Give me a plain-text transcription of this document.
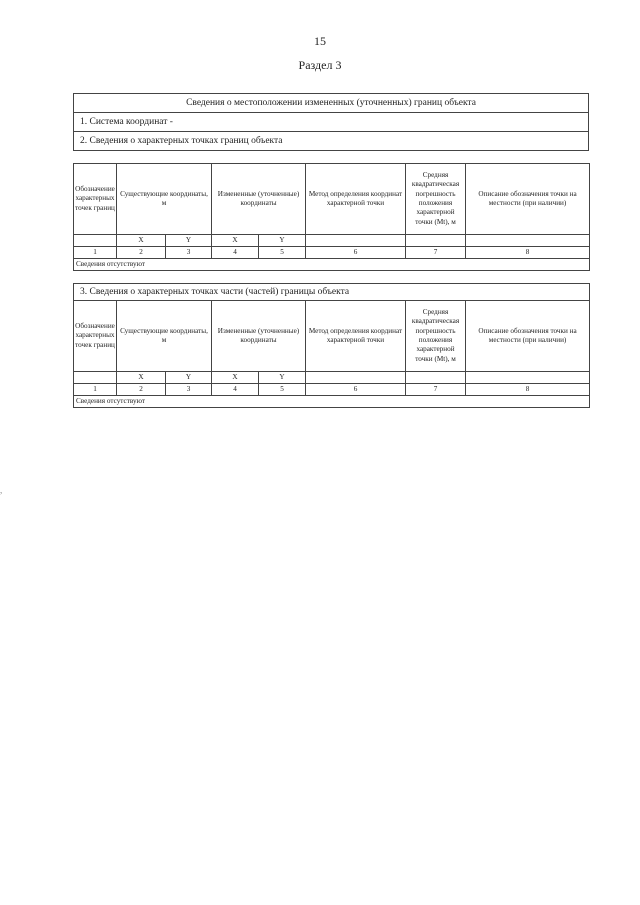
15
Раздел 3
Сведения о местоположении измененных (уточненных) границ объекта
1. Система координат -
2. Сведения о характерных точках границ объекта
Обозначение характерных точек границ	Существующие координаты, м		Измененные (уточненные) координаты		Метод определения координат характерной точки	Средняя квадратическая погрешность положения характерной точки (Mt), м	Описание обозначения точки на местности (при наличии)
	X	Y	X	Y			
1	2	3	4	5	6	7	8
Сведения отсутствуют							
3. Сведения о характерных точках части (частей) границы объекта							
Обозначение характерных точек границ	Существующие координаты, м		Измененные (уточненные) координаты		Метод определения координат характерной точки	Средняя квадратическая погрешность положения характерной точки (Mt), м	Описание обозначения точки на местности (при наличии)
	X	Y	X	Y			
1	2	3	4	5	6	7	8
Сведения отсутствуют							
,
